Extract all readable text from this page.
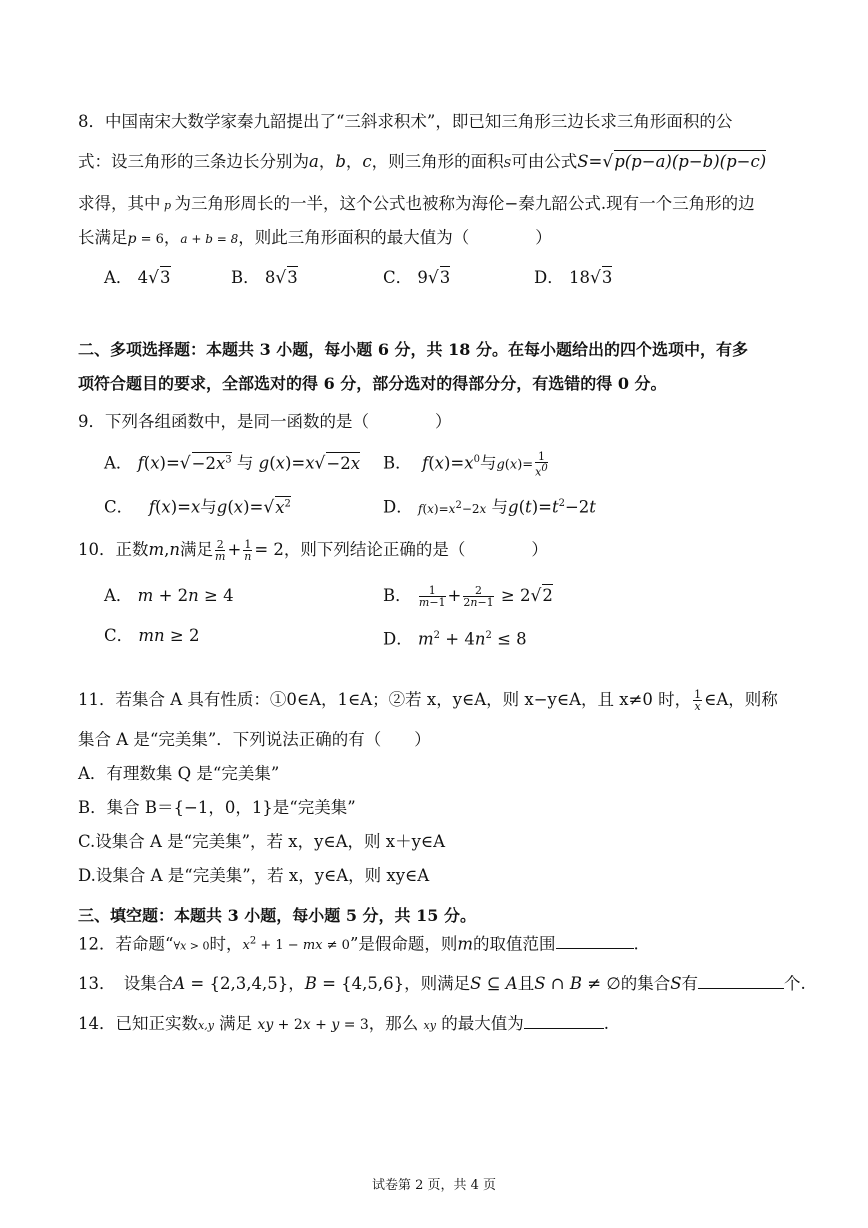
8．中国南宋大数学家秦九韶提出了“三斜求积术”，即已知三角形三边长求三角形面积的公
式：设三角形的三条边长分别为a，b，c，则三角形的面积S可由公式S=√p(p−a)(p−b)(p−c)
求得，其中 p 为三角形周长的一半，这个公式也被称为海伦−秦九韶公式.现有一个三角形的边
长满足p = 6，a + b = 8，则此三角形面积的最大值为（　　　　）
A． 4√3	B． 8√3	C． 9√3	D． 18√3
二、多项选择题：本题共 3 小题，每小题 6 分，共 18 分。在每小题给出的四个选项中，有多
项符合题目的要求，全部选对的得 6 分，部分选对的得部分分，有选错的得 0 分。
9．下列各组函数中，是同一函数的是（　　　　）
A． $f(x)=√-2x^3$ 与 g(x)=x√−2x B．  $f(x)=x^0$与$g(x)= \frac{1}{x^0}$
C．   f(x)=x与$g(x)=√x^2$	D． $f(x)=x^2-2x$ 与$g(t)=t^2-2t$
10．正数m,n满足 $\frac{2}{m} + \frac{1}{n} = 2$，则下列结论正确的是（　　　　）
A． m + 2n ≥ 4	B． $\frac{1}{m-1} + \frac{2}{2n-1} \ge 2√2$
C． mn ≥ 2	D． $m^2 + 4n^2 \le 8$
11．若集合 A 具有性质：①0∈A，1∈A；②若 x，y∈A，则 x−y∈A，且 x≠0 时， $\frac{1}{x}$ ∈A，则称
集合 A 是“完美集”．下列说法正确的有（　　）
A．有理数集 Q 是“完美集”
B．集合 B＝{−1，0，1}是“完美集”
C.设集合 A 是“完美集”，若 x，y∈A，则 x＋y∈A
D.设集合 A 是“完美集”，若 x，y∈A，则 xy∈A
三、填空题：本题共 3 小题，每小题 5 分，共 15 分。
12．若命题“∀x > 0时，$x^2 + 1$ − mx ≠ 0”是假命题，则m的取值范围	.
13．　设集合A = {2,3,4,5}，B = {4,5,6}，则满足S ⊆ A且S ∩ B ≠ ∅的集合S有	个.
14．已知正实数x,y 满足 xy + 2x + y = 3，那么 xy 的最大值为	.
试卷第 2 页，共 4 页
